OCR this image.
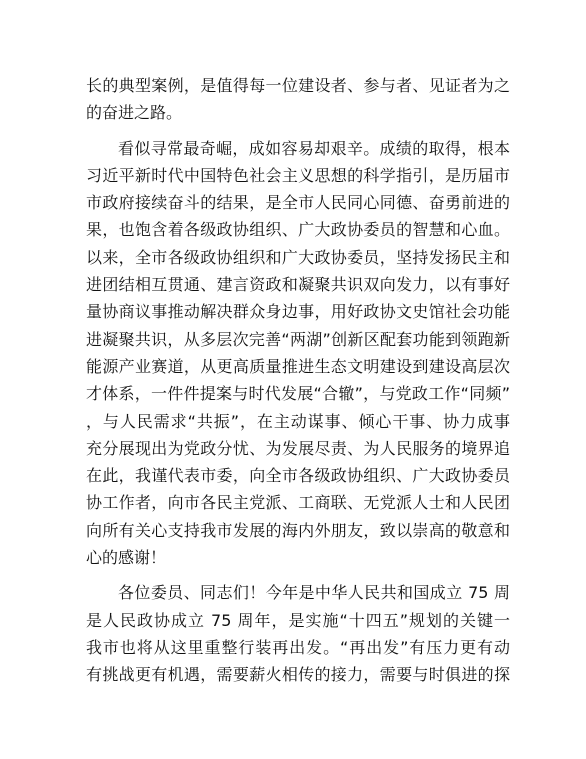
长的典型案例，是值得每一位建设者、参与者、见证者为之
的奋进之路。
看似寻常最奇崛，成如容易却艰辛。成绩的取得，根本
习近平新时代中国特色社会主义思想的科学指引，是历届市
市政府接续奋斗的结果，是全市人民同心同德、奋勇前进的
果，也饱含着各级政协组织、广大政协委员的智慧和心血。
以来，全市各级政协组织和广大政协委员，坚持发扬民主和
进团结相互贯通、建言资政和凝聚共识双向发力，以有事好
量协商议事推动解决群众身边事，用好政协文史馆社会功能
进凝聚共识，从多层次完善“两湖”创新区配套功能到领跑新
能源产业赛道，从更高质量推进生态文明建设到建设高层次
才体系，一件件提案与时代发展“合辙”，与党政工作“同频”
，与人民需求“共振”，在主动谋事、倾心干事、协力成事
充分展现出为党政分忧、为发展尽责、为人民服务的境界追
在此，我谨代表市委，向全市各级政协组织、广大政协委员
协工作者，向市各民主党派、工商联、无党派人士和人民团
向所有关心支持我市发展的海内外朋友，致以崇高的敬意和
心的感谢！
各位委员、同志们！今年是中华人民共和国成立 75 周
是人民政协成立 75 周年，是实施“十四五”规划的关键一
我市也将从这里重整行装再出发。“再出发”有压力更有动
有挑战更有机遇，需要薪火相传的接力，需要与时俱进的探
